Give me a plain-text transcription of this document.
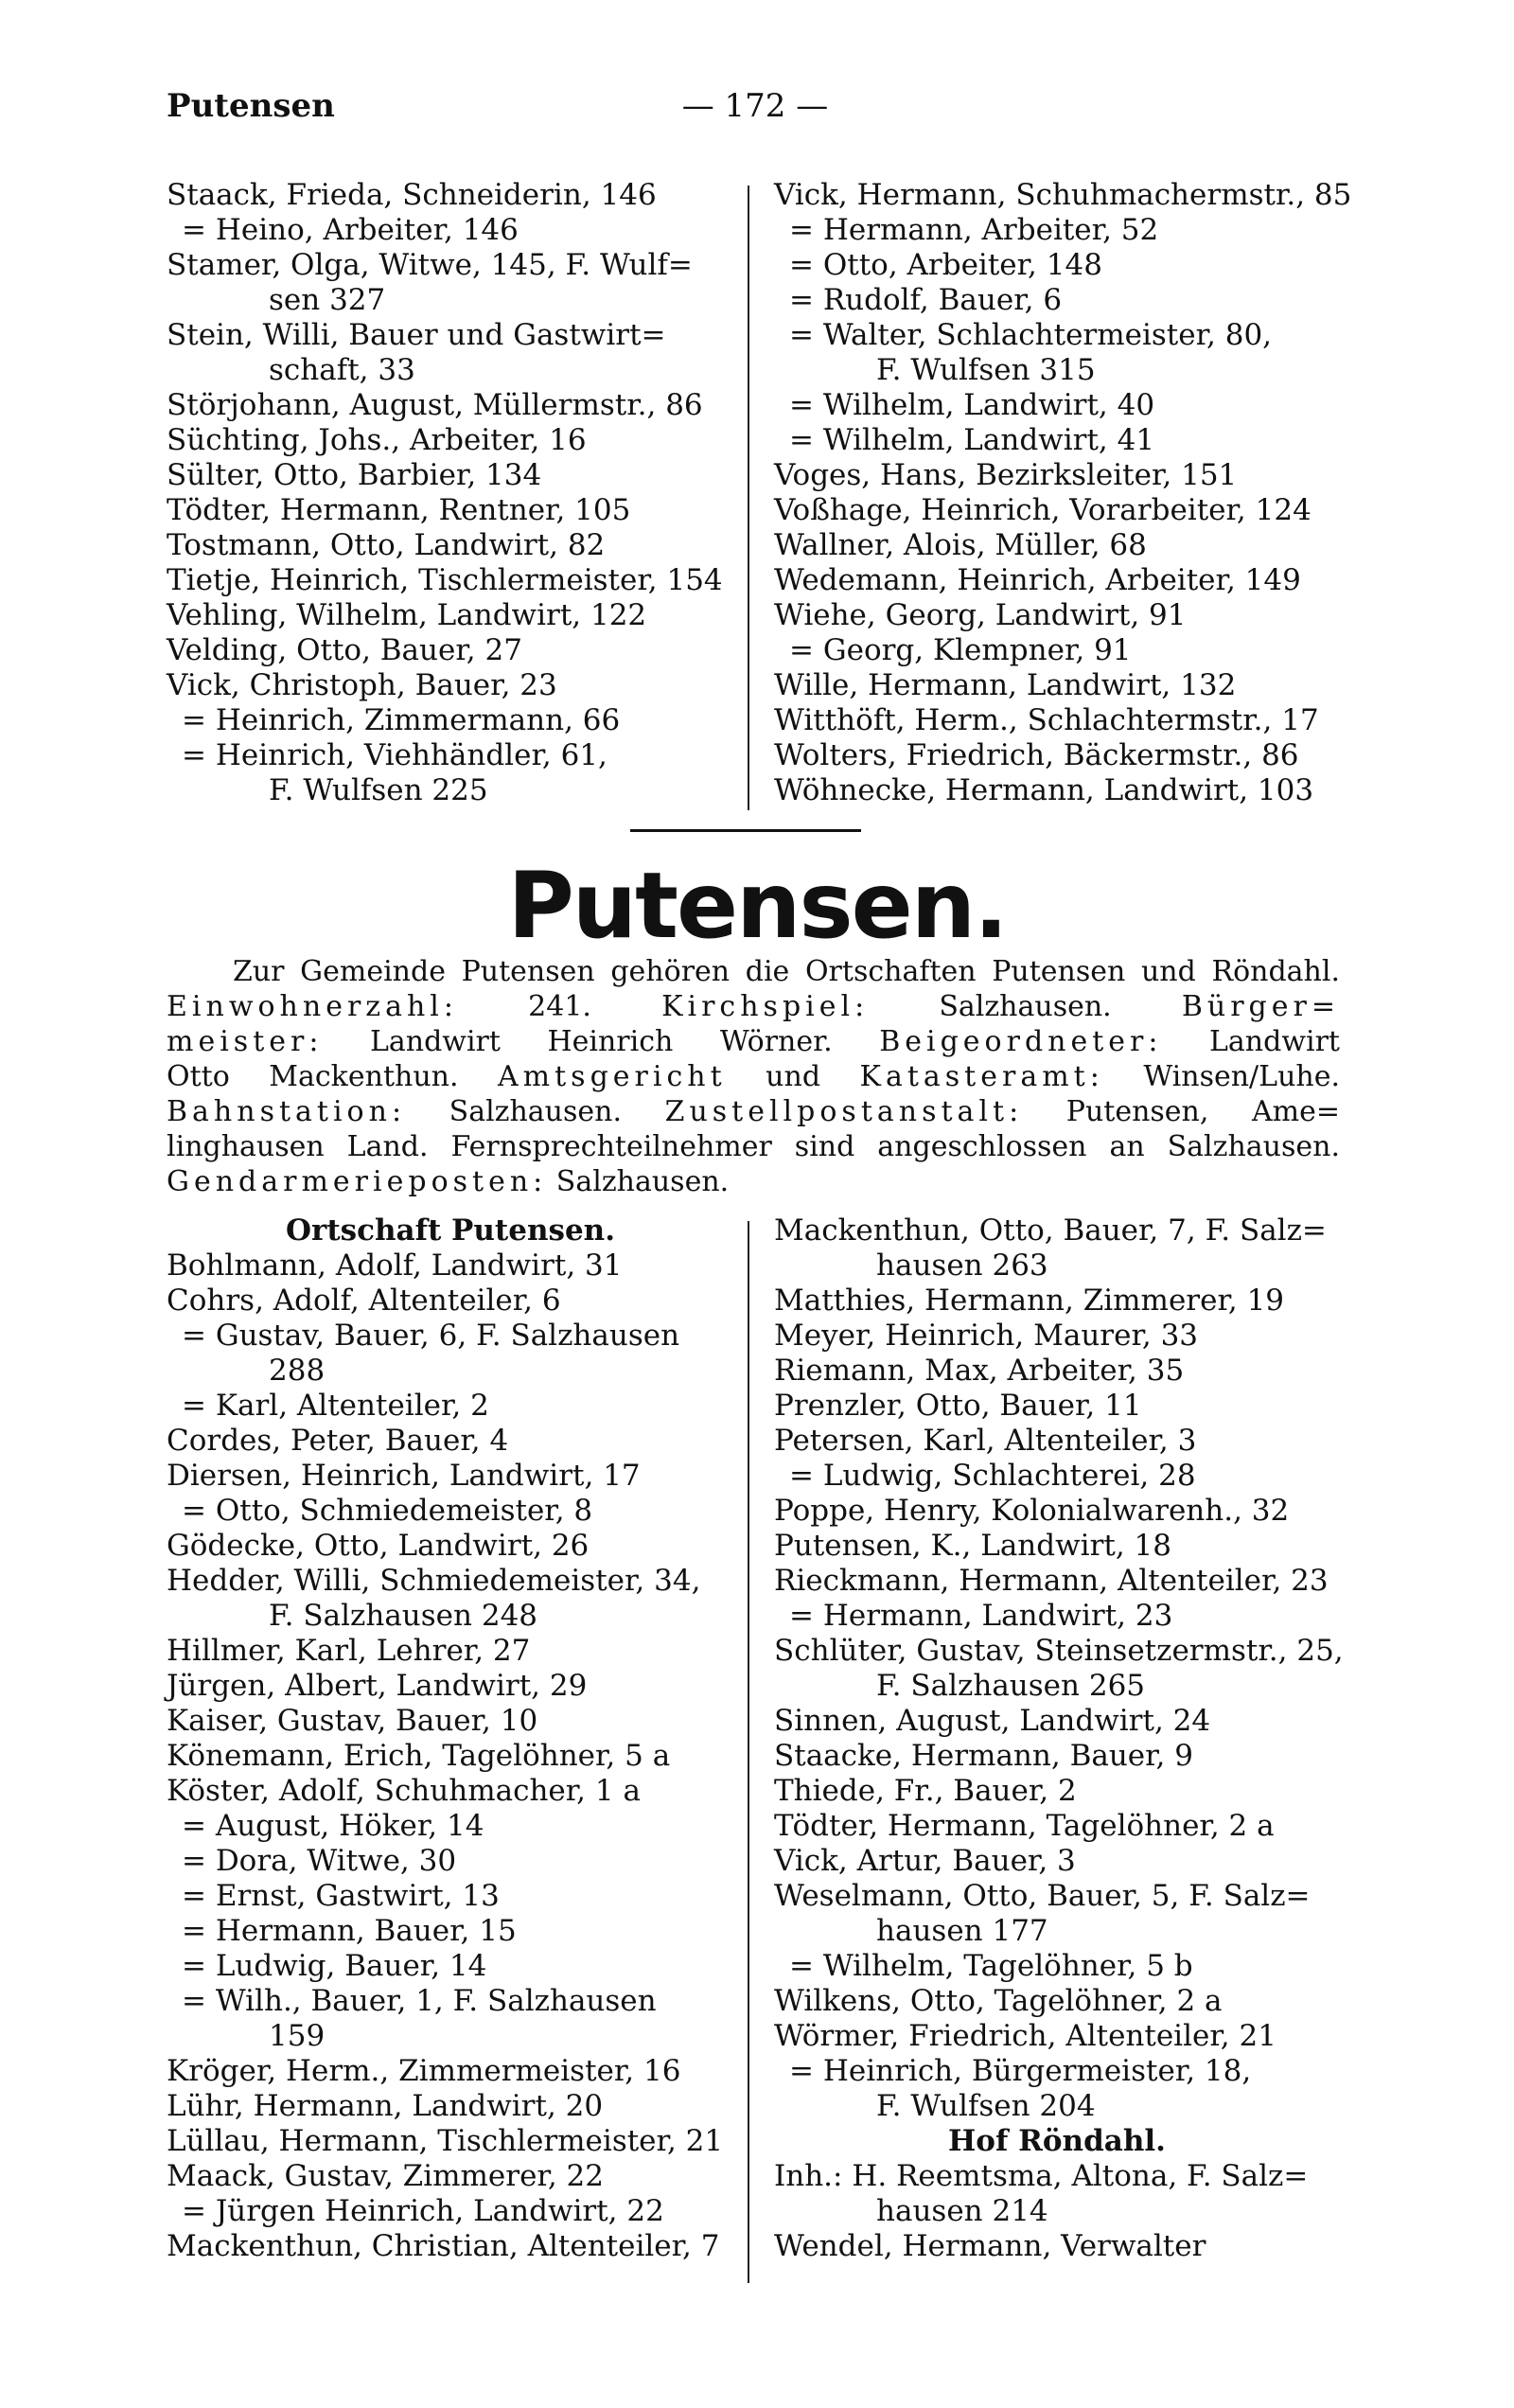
Putensen	— 172 —
Staack, Frieda, Schneiderin, 146
= Heino, Arbeiter, 146
Stamer, Olga, Witwe, 145, F. Wulf=
sen 327
Stein, Willi, Bauer und Gastwirt=
schaft, 33
Störjohann, August, Müllermstr., 86
Süchting, Johs., Arbeiter, 16
Sülter, Otto, Barbier, 134
Tödter, Hermann, Rentner, 105
Tostmann, Otto, Landwirt, 82
Tietje, Heinrich, Tischlermeister, 154
Vehling, Wilhelm, Landwirt, 122
Velding, Otto, Bauer, 27
Vick, Christoph, Bauer, 23
= Heinrich, Zimmermann, 66
= Heinrich, Viehhändler, 61,
F. Wulfsen 225
Vick, Hermann, Schuhmachermstr., 85
= Hermann, Arbeiter, 52
= Otto, Arbeiter, 148
= Rudolf, Bauer, 6
= Walter, Schlachtermeister, 80,
F. Wulfsen 315
= Wilhelm, Landwirt, 40
= Wilhelm, Landwirt, 41
Voges, Hans, Bezirksleiter, 151
Voßhage, Heinrich, Vorarbeiter, 124
Wallner, Alois, Müller, 68
Wedemann, Heinrich, Arbeiter, 149
Wiehe, Georg, Landwirt, 91
= Georg, Klempner, 91
Wille, Hermann, Landwirt, 132
Witthöft, Herm., Schlachtermstr., 17
Wolters, Friedrich, Bäckermstr., 86
Wöhnecke, Hermann, Landwirt, 103
Putensen.
Zur Gemeinde Putensen gehören die Ortschaften Putensen und Röndahl.
Einwohnerzahl: 241. Kirchspiel: Salzhausen. Bürger=
meister: Landwirt Heinrich Wörner. Beigeordneter: Landwirt
Otto Mackenthun. Amtsgericht und Katasteramt: Winsen/Luhe.
Bahnstation: Salzhausen. Zustellpostanstalt: Putensen, Ame=
linghausen Land. Fernsprechteilnehmer sind angeschlossen an Salzhausen.
Gendarmerieposten: Salzhausen.
Ortschaft Putensen.
Bohlmann, Adolf, Landwirt, 31
Cohrs, Adolf, Altenteiler, 6
= Gustav, Bauer, 6, F. Salzhausen
288
= Karl, Altenteiler, 2
Cordes, Peter, Bauer, 4
Diersen, Heinrich, Landwirt, 17
= Otto, Schmiedemeister, 8
Gödecke, Otto, Landwirt, 26
Hedder, Willi, Schmiedemeister, 34,
F. Salzhausen 248
Hillmer, Karl, Lehrer, 27
Jürgen, Albert, Landwirt, 29
Kaiser, Gustav, Bauer, 10
Könemann, Erich, Tagelöhner, 5 a
Köster, Adolf, Schuhmacher, 1 a
= August, Höker, 14
= Dora, Witwe, 30
= Ernst, Gastwirt, 13
= Hermann, Bauer, 15
= Ludwig, Bauer, 14
= Wilh., Bauer, 1, F. Salzhausen
159
Kröger, Herm., Zimmermeister, 16
Lühr, Hermann, Landwirt, 20
Lüllau, Hermann, Tischlermeister, 21
Maack, Gustav, Zimmerer, 22
= Jürgen Heinrich, Landwirt, 22
Mackenthun, Christian, Altenteiler, 7
Mackenthun, Otto, Bauer, 7, F. Salz=
hausen 263
Matthies, Hermann, Zimmerer, 19
Meyer, Heinrich, Maurer, 33
Riemann, Max, Arbeiter, 35
Prenzler, Otto, Bauer, 11
Petersen, Karl, Altenteiler, 3
= Ludwig, Schlachterei, 28
Poppe, Henry, Kolonialwarenh., 32
Putensen, K., Landwirt, 18
Rieckmann, Hermann, Altenteiler, 23
= Hermann, Landwirt, 23
Schlüter, Gustav, Steinsetzermstr., 25,
F. Salzhausen 265
Sinnen, August, Landwirt, 24
Staacke, Hermann, Bauer, 9
Thiede, Fr., Bauer, 2
Tödter, Hermann, Tagelöhner, 2 a
Vick, Artur, Bauer, 3
Weselmann, Otto, Bauer, 5, F. Salz=
hausen 177
= Wilhelm, Tagelöhner, 5 b
Wilkens, Otto, Tagelöhner, 2 a
Wörmer, Friedrich, Altenteiler, 21
= Heinrich, Bürgermeister, 18,
F. Wulfsen 204
Hof Röndahl.
Inh.: H. Reemtsma, Altona, F. Salz=
hausen 214
Wendel, Hermann, Verwalter
